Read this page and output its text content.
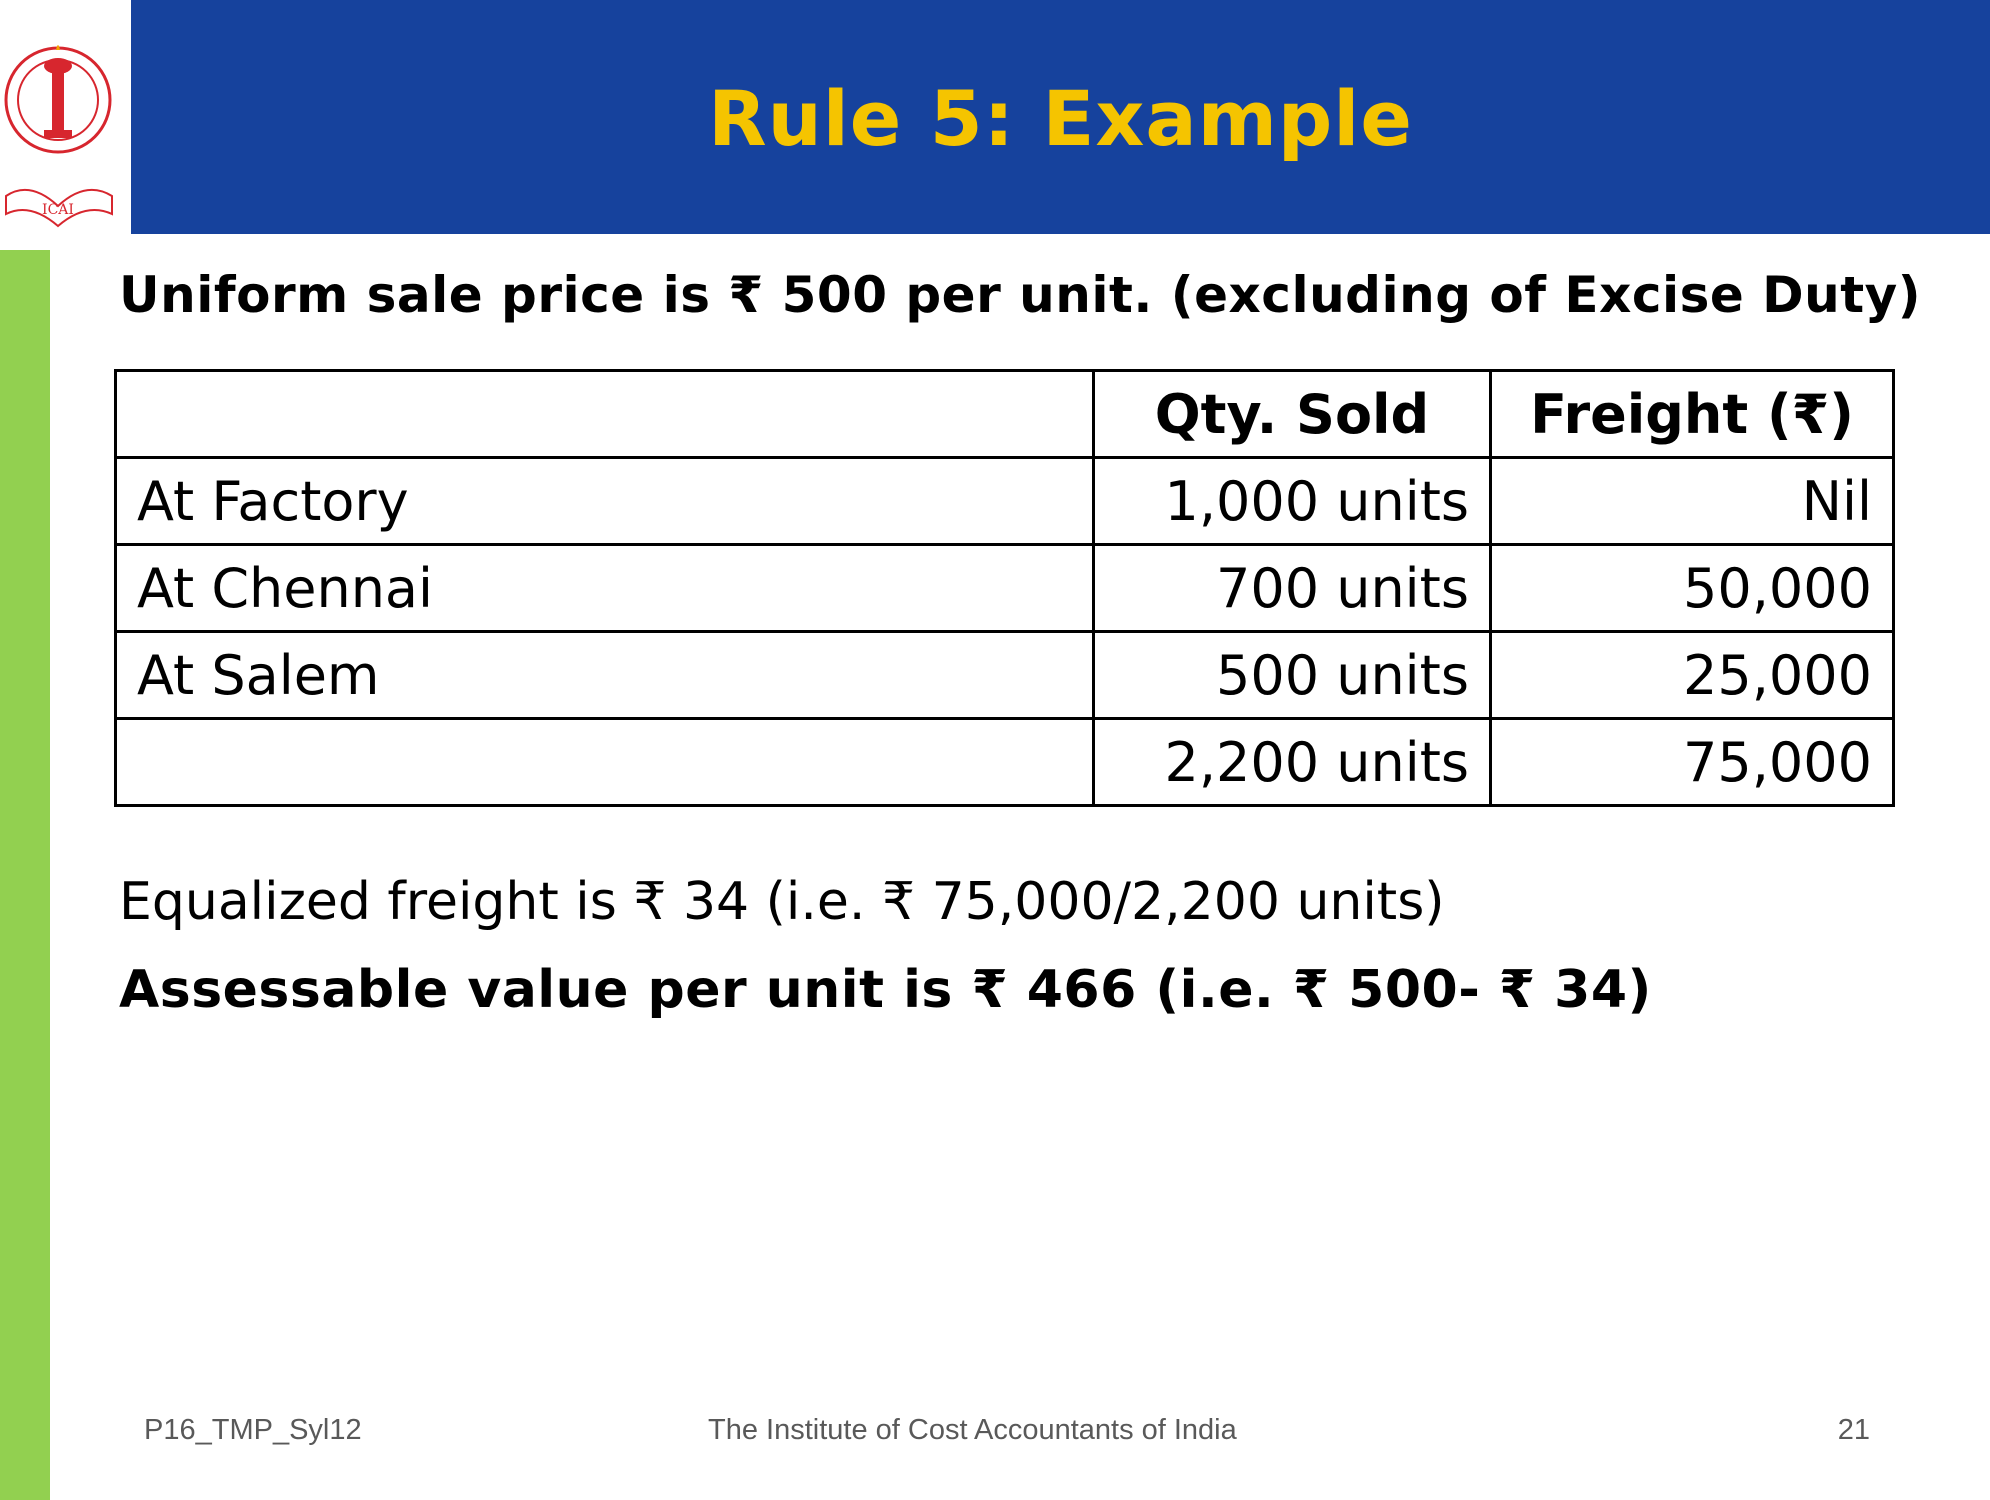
ICAI
Rule 5: Example
Uniform sale price is ₹ 500 per unit. (excluding of Excise Duty)
	Qty. Sold	Freight (₹)
At Factory	1,000 units	Nil
At Chennai	700 units	50,000
At Salem	500 units	25,000
	2,200 units	75,000
Equalized freight is ₹ 34 (i.e. ₹ 75,000/2,200 units)
Assessable value per unit is ₹ 466 (i.e. ₹ 500- ₹ 34)
P16_TMP_Syl12	The Institute of Cost Accountants of India	21
